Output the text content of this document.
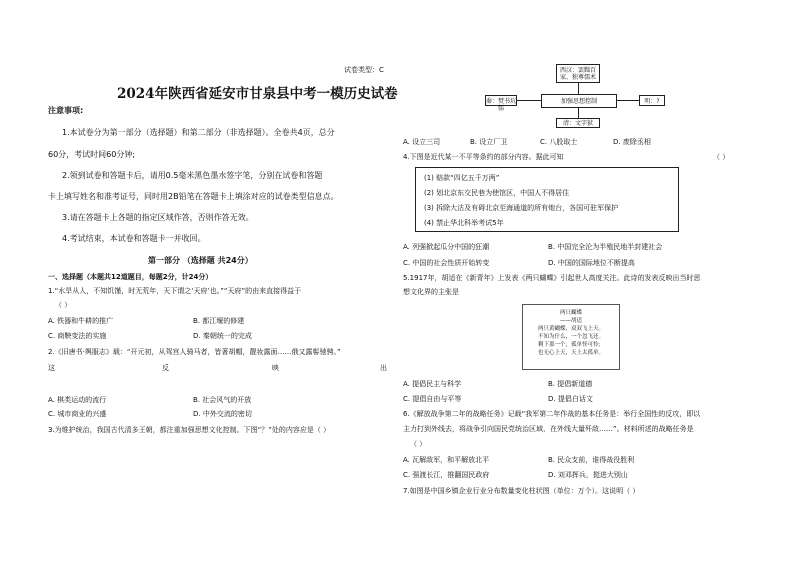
试卷类型：C
2024年陕西省延安市甘泉县中考一模历史试卷
注意事项:
1.本试卷分为第一部分（选择题）和第二部分（非选择题）。全卷共4页，总分
60分，考试时间60分钟;
2.领到试卷和答题卡后，请用0.5毫米黑色墨水签字笔，分别在试卷和答题
卡上填写姓名和准考证号，同时用2B铅笔在答题卡上填涂对应的试卷类型信息点。
3.请在答题卡上各题的指定区域作答，否则作答无效。
4.考试结束，本试卷和答题卡一并收回。
第一部分 （选择题 共24分）
一、选择题（本题共12道题目，每题2分，计24分）
1.“水旱从人，不知饥馑，时无荒年，天下谓之‘天府’也。”“天府”的由来直接得益于
（ ）
A. 铁器和牛耕的推广	B. 都江堰的修建
C. 商鞅变法的实施	D. 秦朝统一的完成
2.《旧唐书·舆服志》载：“开元初，从驾宫人骑马者，皆著胡帽，靓妆露面……俄又露髻驰骋。”
这	反	映	出
A. 棋类运动的流行	B. 社会风气的开放
C. 城市商业的兴盛	D. 中外交流的密切
3.为维护统治，我国古代清多王朝，都注重加强思想文化控制。下图“？”处的内容应是（ ）
西汉：罢黜百家，独尊儒术
秦：焚书坑儒
加强思想控制	明：?
清：文字狱
A. 设立三司	B. 设立厂卫	C. 八股取士	D. 废除丞相
4.下图是近代某一不平等条约的部分内容。据此可知	（ ）
(1) 赔款“四亿五千万两”
(2) 划北京东交民巷为使馆区，中国人不得居住
(3) 拆除大沽及有碍北京至海通道的所有炮台，各国可驻军保护
(4) 禁止华北科举考试5年
A. 列强掀起瓜分中国的狂潮	B. 中国完全沦为半殖民地半封建社会
C. 中国的社会性质开始转变	D. 中国的国际地位不断提高
5.1917年，胡适在《新青年》上发表《两只蝴蝶》引起世人高度关注。此诗的发表反映出当时思
想文化界的主张是
两只蝴蝶
——胡适
两只黄蝴蝶，双双飞上天。
不知为什么，一个忽飞还。
剩下那一个，孤单怪可怜；
也无心上天，天上太孤单。
A. 提倡民主与科学	B. 提倡新道德
C. 提倡自由与平等	D. 提倡白话文
6.《解放战争第二年的战略任务》记载“我军第二年作战的基本任务是：举行全国性的反攻，即以
主力打到外线去，将战争引向国民党统治区域，在外线大量歼敌……”。材料所述的战略任务是
（ ）
A. 瓦解敌军，和平解放北平	B. 民众支前，谁得战役胜利
C. 强渡长江，推翻国民政府	D. 刘邓挥兵，挺进大别山
7.如图是中国乡镇企业行业分布数量变化柱状图（单位：万个）。这说明（ ）
